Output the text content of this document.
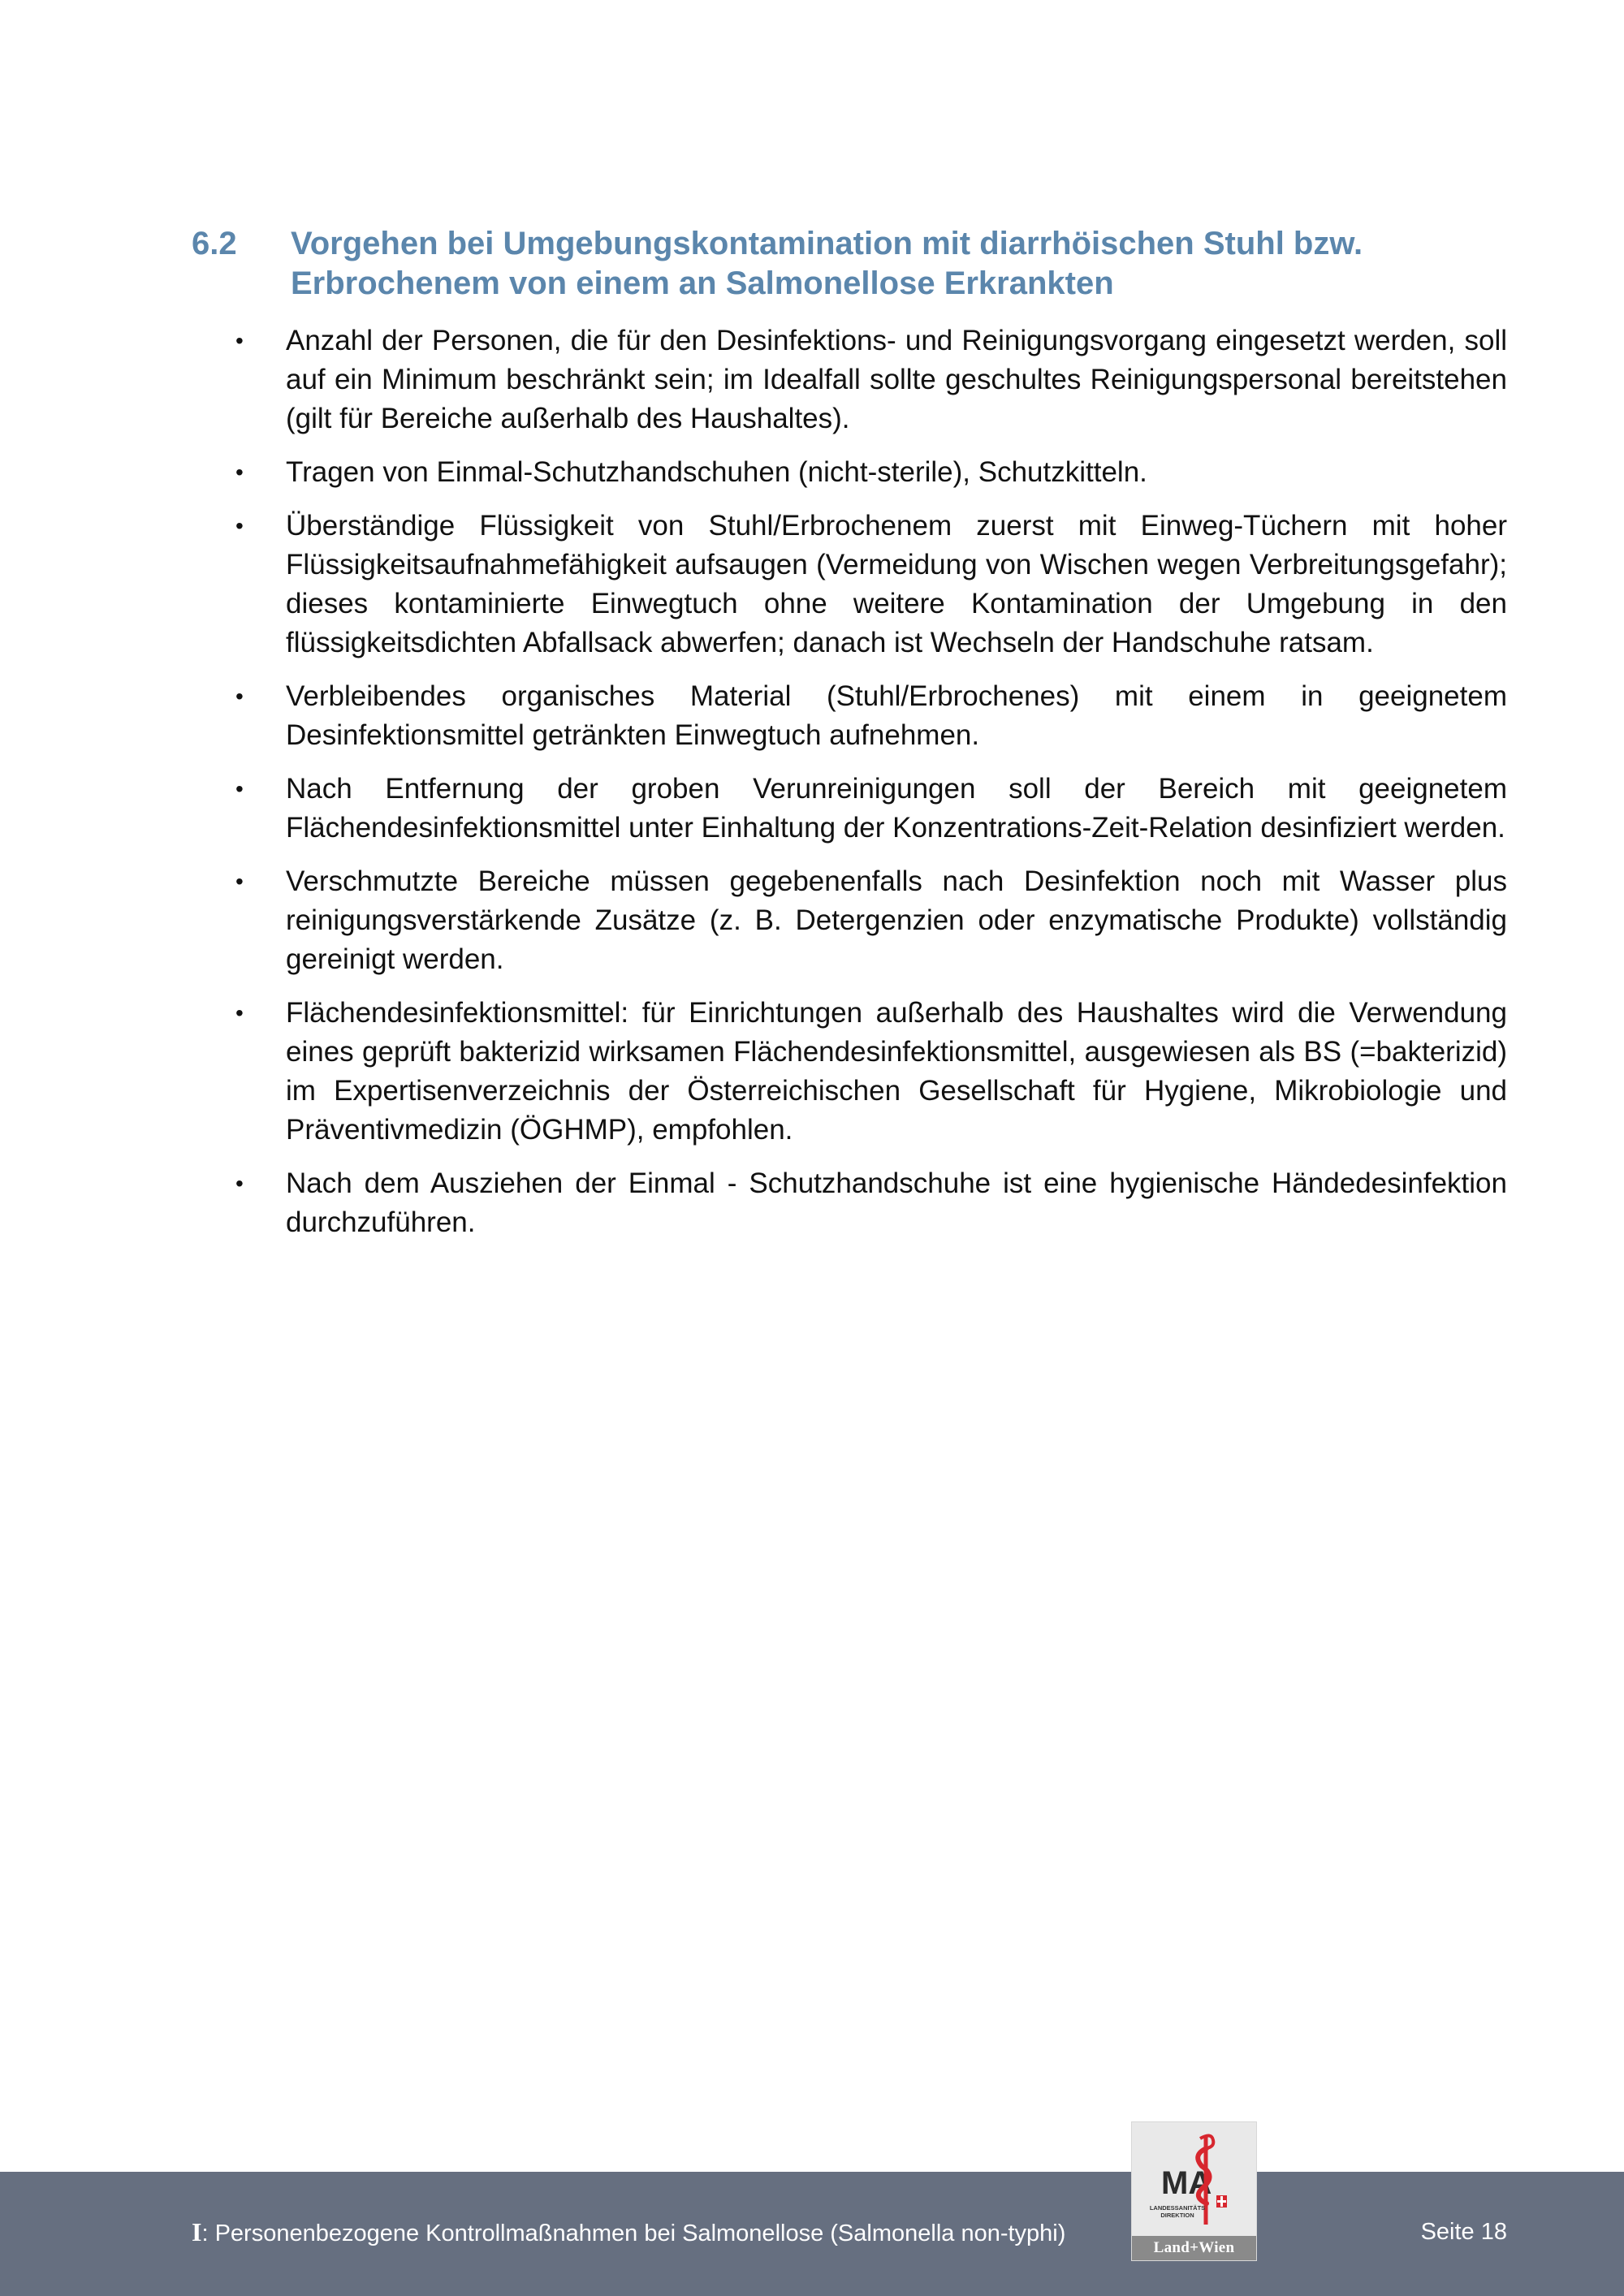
6.2	Vorgehen bei Umgebungskontamination mit diarrhöischen Stuhl bzw. Erbrochenem von einem an Salmonellose Erkrankten
•	Anzahl der Personen, die für den Desinfektions- und Reinigungsvorgang eingesetzt werden, soll auf ein Minimum beschränkt sein; im Idealfall sollte geschultes Reinigungspersonal bereitstehen (gilt für Bereiche außerhalb des Haushaltes).
•	Tragen von Einmal-Schutzhandschuhen (nicht-sterile), Schutzkitteln.
•	Überständige Flüssigkeit von Stuhl/Erbrochenem zuerst mit Einweg-Tüchern mit hoher Flüssigkeitsaufnahmefähigkeit aufsaugen (Vermeidung von Wischen wegen Verbreitungsgefahr); dieses kontaminierte Einwegtuch ohne weitere Kontamination der Umgebung in den flüssigkeitsdichten Abfallsack abwerfen; danach ist Wechseln der Handschuhe ratsam.
•	Verbleibendes organisches Material (Stuhl/Erbrochenes) mit einem in geeignetem Desinfektionsmittel getränkten Einwegtuch aufnehmen.
•	Nach Entfernung der groben Verunreinigungen soll der Bereich mit geeignetem Flächendesinfektionsmittel unter Einhaltung der Konzentrations-Zeit-Relation desinfiziert werden.
•	Verschmutzte Bereiche müssen gegebenenfalls nach Desinfektion noch mit Wasser plus reinigungsverstärkende Zusätze (z. B. Detergenzien oder enzymatische Produkte) vollständig gereinigt werden.
•	Flächendesinfektionsmittel: für Einrichtungen außerhalb des Haushaltes wird die Verwendung eines geprüft bakterizid wirksamen Flächendesinfektionsmittel, ausgewiesen als BS (=bakterizid) im Expertisenverzeichnis der Österreichischen Gesellschaft für Hygiene, Mikrobiologie und Präventivmedizin (ÖGHMP), empfohlen.
•	Nach dem Ausziehen der Einmal - Schutzhandschuhe ist eine hygienische Händedesinfektion durchzuführen.
I: Personenbezogene Kontrollmaßnahmen bei Salmonellose (Salmonella non-typhi)	Seite 18
MA
LANDESSANITÄTS
DIREKTION
Land+Wien
